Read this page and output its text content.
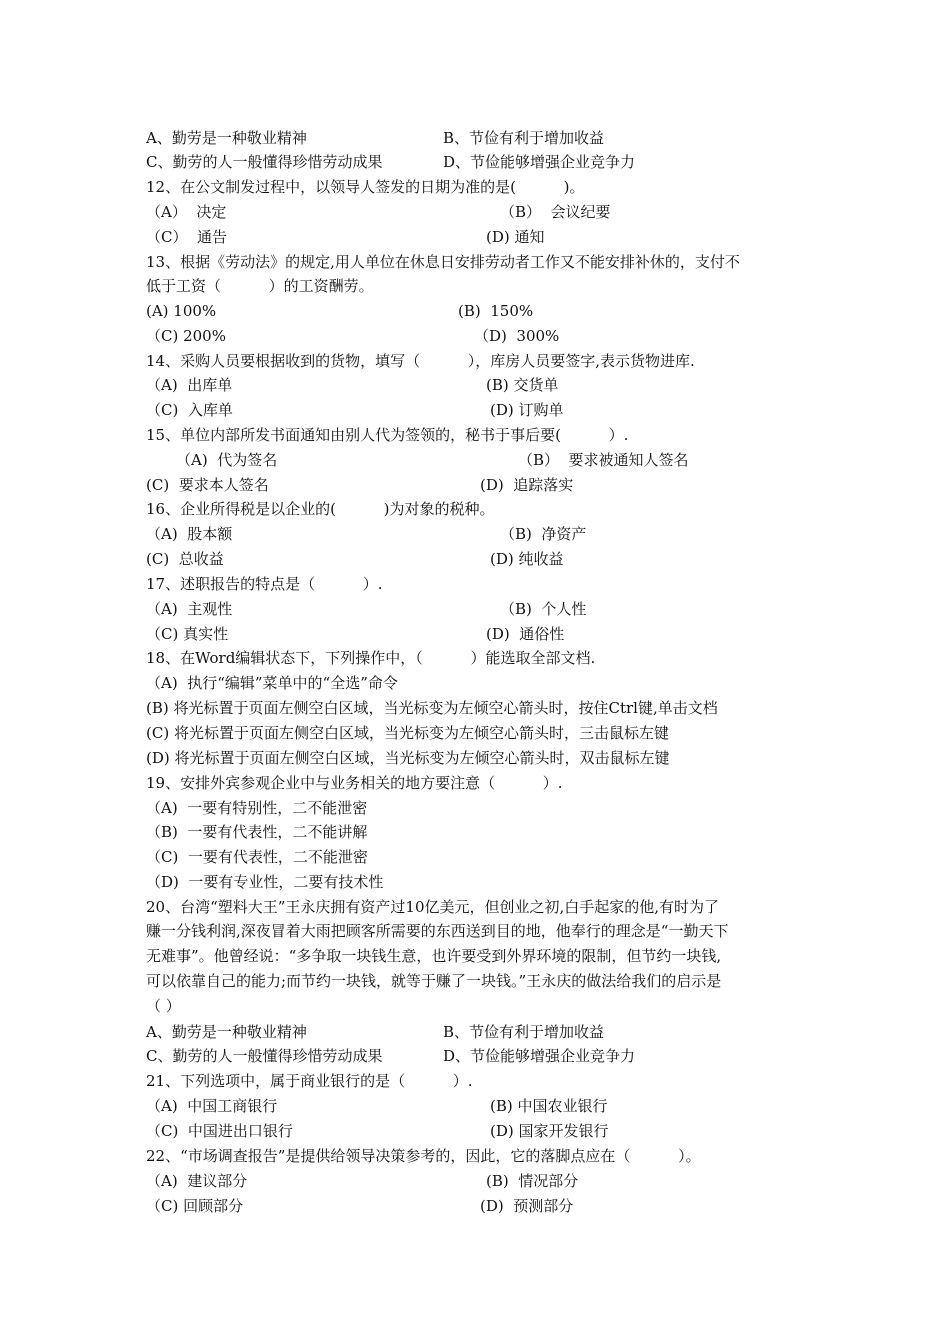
A、勤劳是一种敬业精神	B、节俭有利于增加收益
C、勤劳的人一般懂得珍惜劳动成果	D、节俭能够增强企业竞争力
12、在公文制发过程中，以领导人签发的日期为准的是(          )。
（A）  决定	（B）  会议纪要
（C）  通告	(D) 通知
13、根据《劳动法》的规定,用人单位在休息日安排劳动者工作又不能安排补休的，支付不
低于工资（          ）的工资酬劳。
(A) 100%	(B)  150%
（C) 200%	（D)  300%
14、采购人员要根据收到的货物，填写（          ），库房人员要签字,表示货物进库.
（A)  出库单	(B) 交货单
（C)  入库单	(D) 订购单
15、单位内部所发书面通知由别人代为签领的，秘书于事后要(          ）.
（A)  代为签名	（B）  要求被通知人签名
(C)  要求本人签名	(D)  追踪落实
16、企业所得税是以企业的(          )为对象的税种。
（A)  股本额	（B)  净资产
(C)  总收益	(D) 纯收益
17、述职报告的特点是（          ）.
（A)  主观性	（B)  个人性
（C) 真实性	(D)  通俗性
18、在Word编辑状态下，下列操作中，（          ）能选取全部文档.
（A)  执行“编辑”菜单中的“全选”命令
(B) 将光标置于页面左侧空白区域，当光标变为左倾空心箭头时，按住Ctrl键,单击文档
(C) 将光标置于页面左侧空白区域，当光标变为左倾空心箭头时，三击鼠标左键
(D) 将光标置于页面左侧空白区域，当光标变为左倾空心箭头时，双击鼠标左键
19、安排外宾参观企业中与业务相关的地方要注意（          ）.
（A)  一要有特别性，二不能泄密
（B)  一要有代表性，二不能讲解
（C)  一要有代表性，二不能泄密
（D)  一要有专业性，二要有技术性
20、台湾“塑料大王”王永庆拥有资产过10亿美元，但创业之初,白手起家的他,有时为了
赚一分钱利润,深夜冒着大雨把顾客所需要的东西送到目的地，他奉行的理念是“一勤天下
无难事”。他曾经说：“多争取一块钱生意，也许要受到外界环境的限制，但节约一块钱,
可以依靠自己的能力;而节约一块钱，就等于赚了一块钱。”王永庆的做法给我们的启示是
（ ）
A、勤劳是一种敬业精神	B、节俭有利于增加收益
C、勤劳的人一般懂得珍惜劳动成果	D、节俭能够增强企业竞争力
21、下列选项中，属于商业银行的是（          ）.
（A)  中国工商银行	(B) 中国农业银行
（C)  中国进出口银行	(D) 国家开发银行
22、“市场调查报告”是提供给领导决策参考的，因此，它的落脚点应在（          ）。
（A)  建议部分	(B)  情况部分
（C) 回顾部分	(D)  预测部分
